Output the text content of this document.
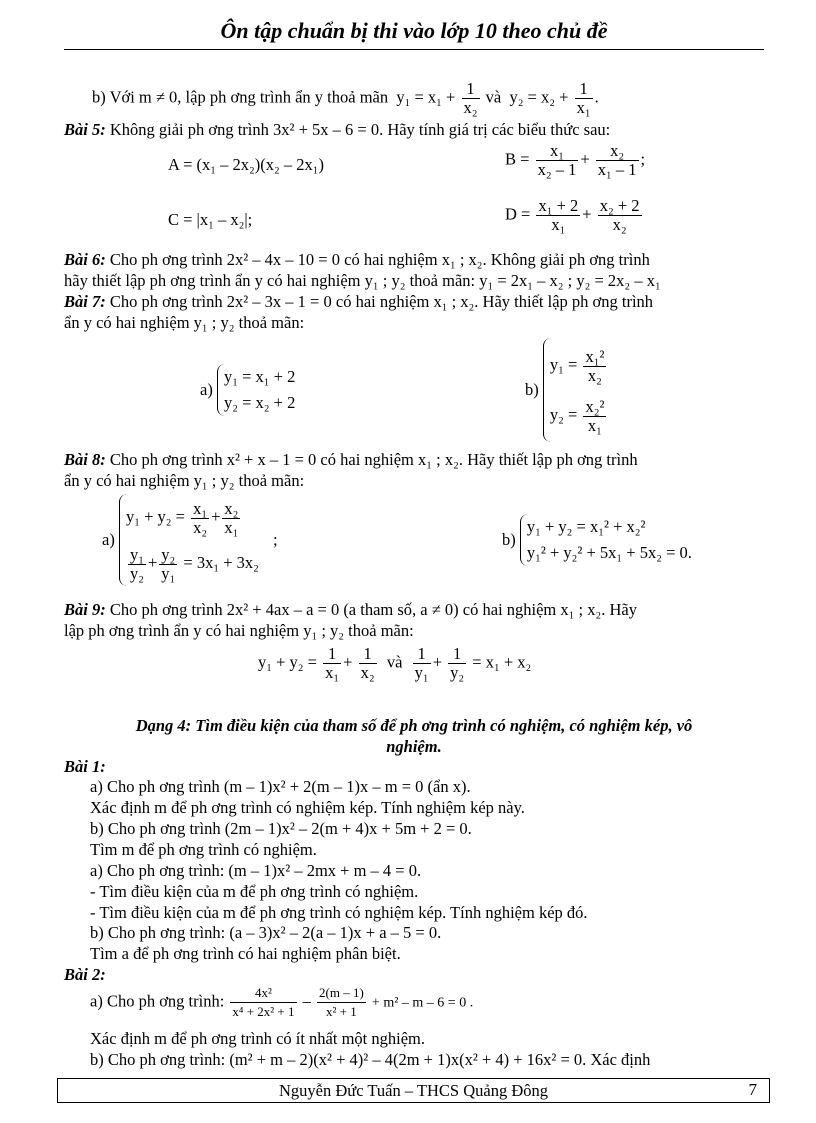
Ôn tập chuẩn bị thi vào lớp 10 theo chủ đề
b) Với m ≠ 0, lập ph ơng trình ẩn y thoả mãn $y_1 = x_1 + \frac{1}{\text{x₂}}$ và $y_2 = x_2 + \frac{1}{\text{x₁}}$ .
Bài 5: Không giải ph ơng trình 3x² + 5x – 6 = 0. Hãy tính giá trị các biểu thức sau:
A = (x₁ – 2x₂)(x₂ – 2x₁)	$B = \frac{\text{x₁}}{\text{x₂ – 1}} + \frac{\text{x₂}}{\text{x₁ – 1}}$ ;
C = |x₁ – x₂|;	$D = \frac{\text{x₁ + 2}}{\text{x₁}} + \frac{\text{x₂ + 2}}{\text{x₂}}$
Bài 6: Cho ph ơng trình 2x² – 4x – 10 = 0 có hai nghiệm x₁ ; x₂. Không giải ph ơng trình
hãy thiết lập ph ơng trình ẩn y có hai nghiệm y₁ ; y₂ thoả mãn: y₁ = 2x₁ – x₂ ; y₂ = 2x₂ – x₁
Bài 7: Cho ph ơng trình 2x² – 3x – 1 = 0 có hai nghiệm x₁ ; x₂. Hãy thiết lập ph ơng trình
ẩn y có hai nghiệm y₁ ; y₂ thoả mãn:
a)
y₁ = x₁ + 2
y₂ = x₂ + 2
b)
$y_1 = \frac{\text{x₁²}}{\text{x₂}}$
$y_2 = \frac{\text{x₂²}}{\text{x₁}}$
Bài 8: Cho ph ơng trình x² + x – 1 = 0 có hai nghiệm x₁ ; x₂. Hãy thiết lập ph ơng trình
ẩn y có hai nghiệm y₁ ; y₂ thoả mãn:
a)
$y_1 + y_2 = \frac{\text{x₁}}{\text{x₂}} + \frac{\text{x₂}}{\text{x₁}}$
$\frac{\text{y₁}}{\text{y₂}} + \frac{\text{y₂}}{\text{y₁}} = 3x_1 + 3x_2$
;	b)
y₁ + y₂ = x₁² + x₂²
y₁² + y₂² + 5x₁ + 5x₂ = 0.
Bài 9: Cho ph ơng trình 2x² + 4ax – a = 0 (a tham số, a ≠ 0) có hai nghiệm x₁ ; x₂. Hãy
lập ph ơng trình ẩn y có hai nghiệm y₁ ; y₂ thoả mãn:
$y_1 + y_2 = \frac{1}{\text{x₁}} + \frac{1}{\text{x₂}}$ và $\frac{1}{\text{y₁}} + \frac{1}{\text{y₂}} = x_1 + x_2$
Dạng 4: Tìm điều kiện của tham số để ph ơng trình có nghiệm, có nghiệm kép, vô
nghiệm.
Bài 1:
a) Cho ph ơng trình (m – 1)x² + 2(m – 1)x – m = 0 (ẩn x).
Xác định m để ph ơng trình có nghiệm kép. Tính nghiệm kép này.
b) Cho ph ơng trình (2m – 1)x² – 2(m + 4)x + 5m + 2 = 0.
Tìm m để ph ơng trình có nghiệm.
a) Cho ph ơng trình: (m – 1)x² – 2mx + m – 4 = 0.
- Tìm điều kiện của m để ph ơng trình có nghiệm.
- Tìm điều kiện của m để ph ơng trình có nghiệm kép. Tính nghiệm kép đó.
b) Cho ph ơng trình: (a – 3)x² – 2(a – 1)x + a – 5 = 0.
Tìm a để ph ơng trình có hai nghiệm phân biệt.
Bài 2:
a) Cho ph ơng trình: $\frac{\text{4x²}}{\text{x⁴ + 2x² + 1}} - \frac{2(m - 1)}{\text{x² + 1}} + m^2 - m - 6 = 0$ .
Xác định m để ph ơng trình có ít nhất một nghiệm.
b) Cho ph ơng trình: (m² + m – 2)(x² + 4)² – 4(2m + 1)x(x² + 4) + 16x² = 0. Xác định
Nguyễn Đức Tuấn – THCS Quảng Đông	7
